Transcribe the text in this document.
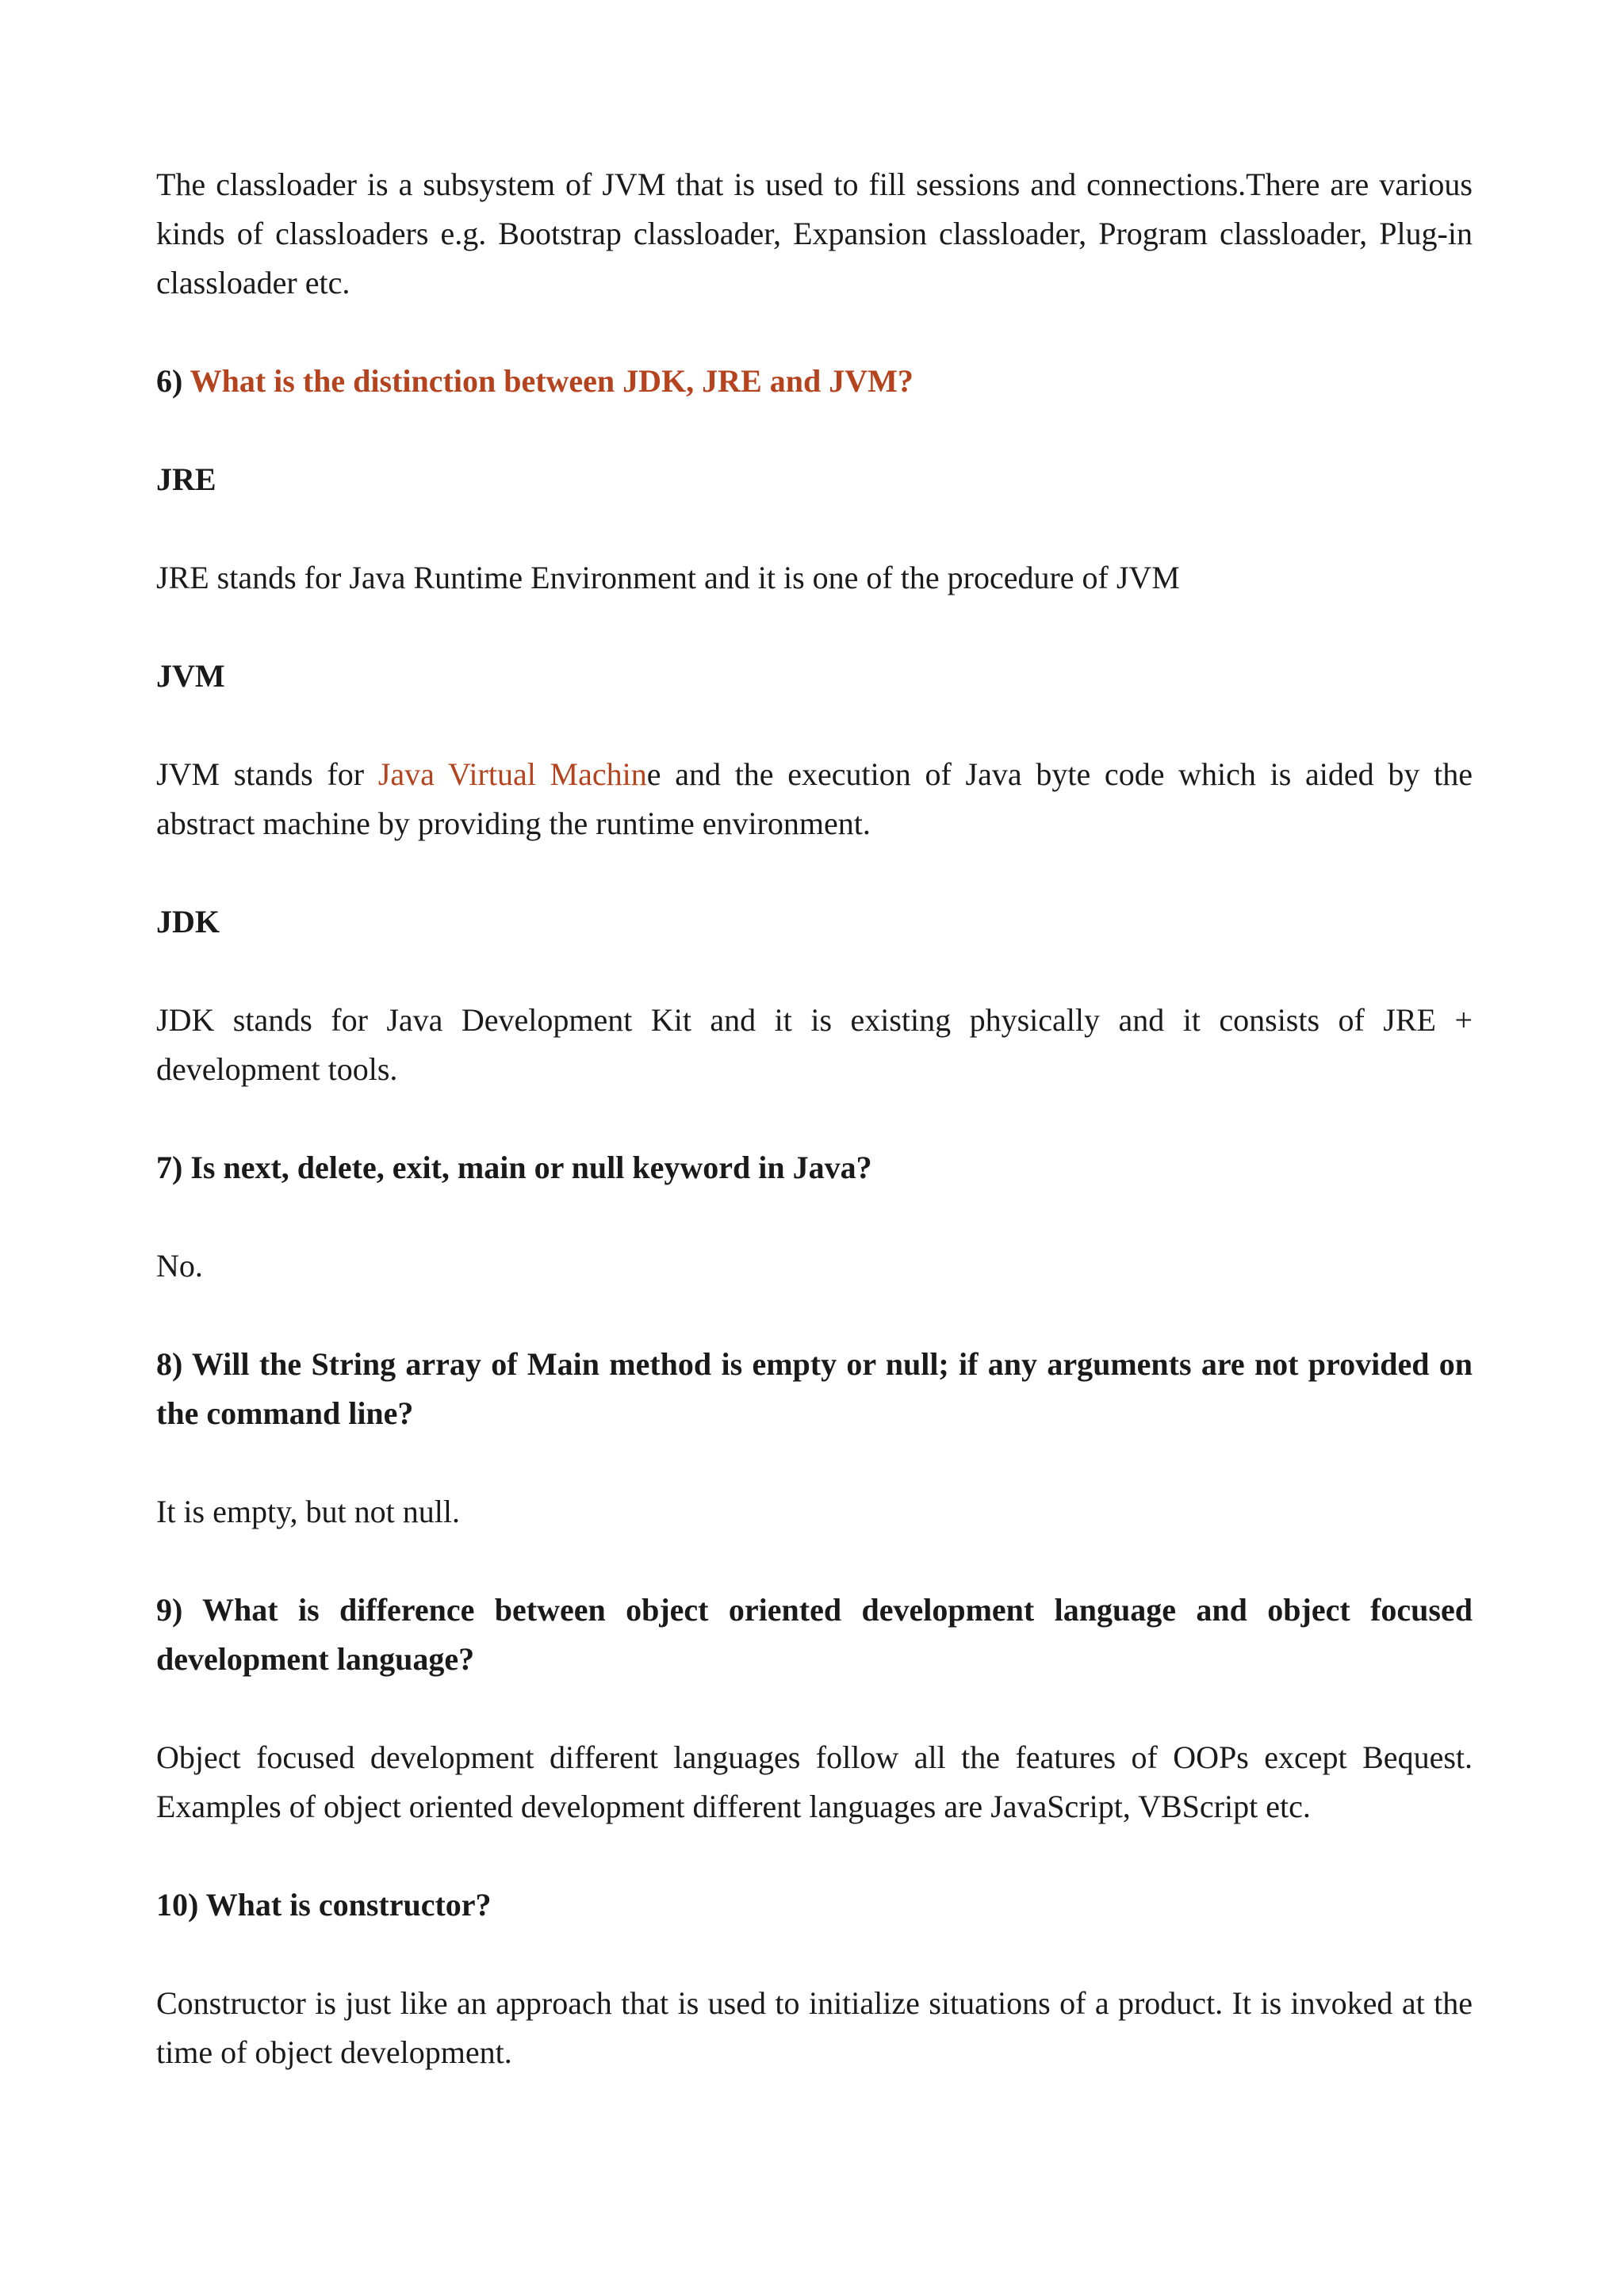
The classloader is a subsystem of JVM that is used to fill sessions and connections.There are various kinds of classloaders e.g. Bootstrap classloader, Expansion classloader, Program classloader, Plug-in classloader etc.

6) What is the distinction between JDK, JRE and JVM?

JRE

JRE stands for Java Runtime Environment and it is one of the procedure of JVM

JVM

JVM stands for Java Virtual Machine and the execution of Java byte code which is aided by the abstract machine by providing the runtime environment.

JDK

JDK stands for Java Development Kit and it is existing physically and it consists of JRE + development tools.

7) Is next, delete, exit, main or null keyword in Java?

No.

8) Will the String array of Main method is empty or null; if any arguments are not provided on the command line?

It is empty, but not null.

9) What is difference between object oriented development language and object focused development language?

Object focused development different languages follow all the features of OOPs except Bequest. Examples of object oriented development different languages are JavaScript, VBScript etc.

10) What is constructor?

Constructor is just like an approach that is used to initialize situations of a product. It is invoked at the time of object development.
